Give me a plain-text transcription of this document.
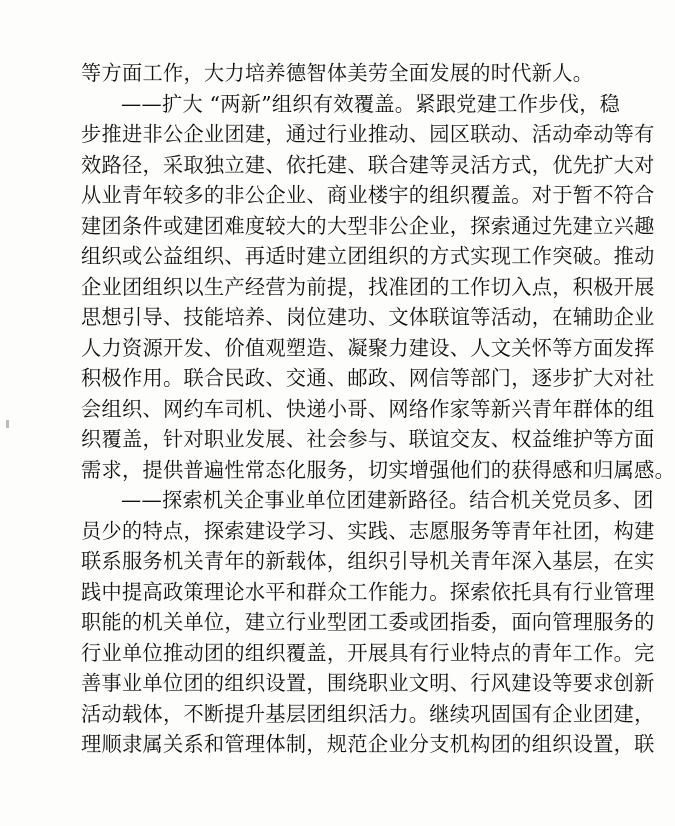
等方面工作，大力培养德智体美劳全面发展的时代新人。
——扩大 “两新”组织有效覆盖。紧跟党建工作步伐，稳
步推进非公企业团建，通过行业推动、园区联动、活动牵动等有
效路径，采取独立建、依托建、联合建等灵活方式，优先扩大对
从业青年较多的非公企业、商业楼宇的组织覆盖。对于暂不符合
建团条件或建团难度较大的大型非公企业，探索通过先建立兴趣
组织或公益组织、再适时建立团组织的方式实现工作突破。推动
企业团组织以生产经营为前提，找准团的工作切入点，积极开展
思想引导、技能培养、岗位建功、文体联谊等活动，在辅助企业
人力资源开发、价值观塑造、凝聚力建设、人文关怀等方面发挥
积极作用。联合民政、交通、邮政、网信等部门，逐步扩大对社
会组织、网约车司机、快递小哥、网络作家等新兴青年群体的组
织覆盖，针对职业发展、社会参与、联谊交友、权益维护等方面
需求，提供普遍性常态化服务，切实增强他们的获得感和归属感。
——探索机关企事业单位团建新路径。结合机关党员多、团
员少的特点，探索建设学习、实践、志愿服务等青年社团，构建
联系服务机关青年的新载体，组织引导机关青年深入基层，在实
践中提高政策理论水平和群众工作能力。探索依托具有行业管理
职能的机关单位，建立行业型团工委或团指委，面向管理服务的
行业单位推动团的组织覆盖，开展具有行业特点的青年工作。完
善事业单位团的组织设置，围绕职业文明、行风建设等要求创新
活动载体，不断提升基层团组织活力。继续巩固国有企业团建，
理顺隶属关系和管理体制，规范企业分支机构团的组织设置，联
